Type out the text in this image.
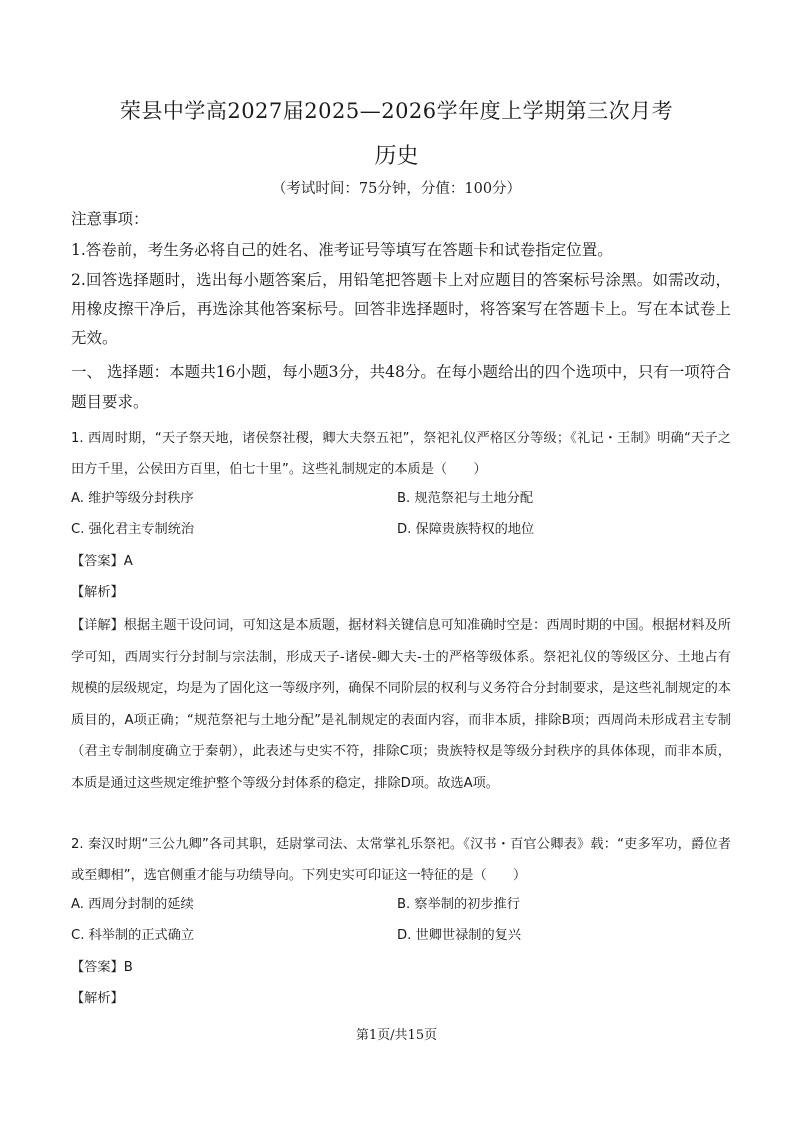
荣县中学高2027届2025—2026学年度上学期第三次月考
历史
（考试时间：75分钟，分值：100分）
注意事项：
1.答卷前，考生务必将自己的姓名、准考证号等填写在答题卡和试卷指定位置。
2.回答选择题时，选出每小题答案后，用铅笔把答题卡上对应题目的答案标号涂黑。如需改动，用橡皮擦干净后，再选涂其他答案标号。回答非选择题时，将答案写在答题卡上。写在本试卷上无效。
一、 选择题：本题共16小题，每小题3分，共48分。在每小题给出的四个选项中，只有一项符合题目要求。
1. 西周时期，“天子祭天地，诸侯祭社稷，卿大夫祭五祀”，祭祀礼仪严格区分等级；《礼记・王制》明确“天子之田方千里，公侯田方百里，伯七十里”。这些礼制规定的本质是（　　）
A. 维护等级分封秩序	B. 规范祭祀与土地分配
C. 强化君主专制统治	D. 保障贵族特权的地位
【答案】A
【解析】
【详解】根据主题干设问词，可知这是本质题，据材料关键信息可知准确时空是：西周时期的中国。根据材料及所学可知，西周实行分封制与宗法制，形成天子-诸侯-卿大夫-士的严格等级体系。祭祀礼仪的等级区分、土地占有规模的层级规定，均是为了固化这一等级序列，确保不同阶层的权利与义务符合分封制要求，是这些礼制规定的本质目的，A项正确；“规范祭祀与土地分配”是礼制规定的表面内容，而非本质，排除B项；西周尚未形成君主专制（君主专制制度确立于秦朝），此表述与史实不符，排除C项；贵族特权是等级分封秩序的具体体现，而非本质，本质是通过这些规定维护整个等级分封体系的稳定，排除D项。故选A项。
2. 秦汉时期“三公九卿”各司其职，廷尉掌司法、太常掌礼乐祭祀。《汉书・百官公卿表》载：“吏多军功，爵位者或至卿相”，选官侧重才能与功绩导向。下列史实可印证这一特征的是（　　）
A. 西周分封制的延续	B. 察举制的初步推行
C. 科举制的正式确立	D. 世卿世禄制的复兴
【答案】B
【解析】
第1页/共15页
